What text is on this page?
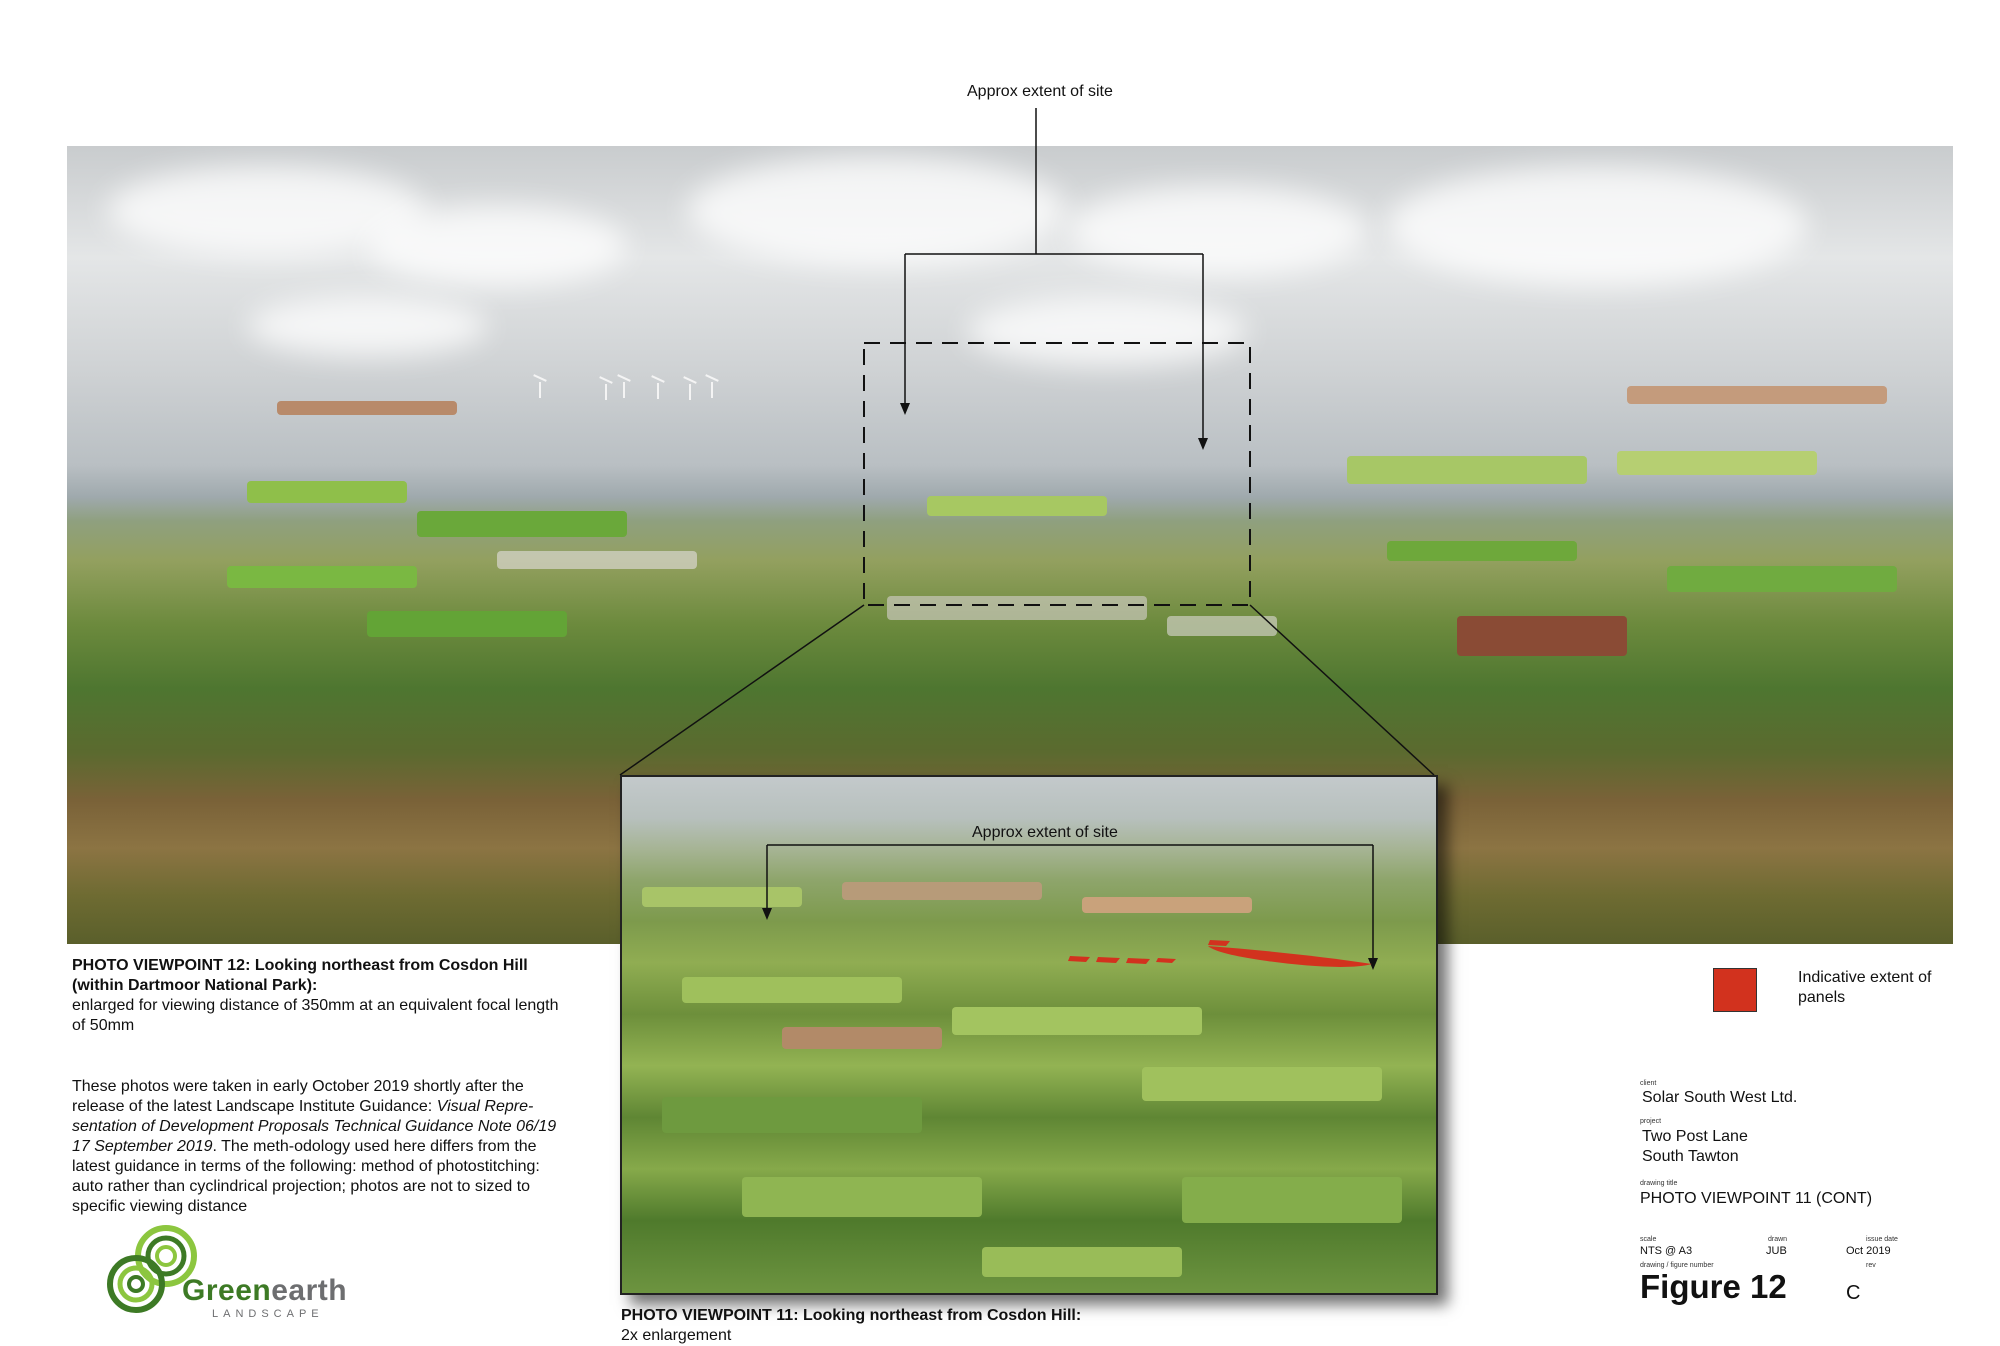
Approx extent of site
Approx extent of site
PHOTO VIEWPOINT 12: Looking northeast from Cosdon Hill (within Dartmoor National Park):
enlarged for viewing distance of 350mm at an equivalent focal length of 50mm
These photos were taken in early October 2019 shortly after the release of the latest Landscape Institute Guidance: Visual Repre-sentation of Development Proposals Technical Guidance Note 06/19 17 September 2019. The meth-odology used here differs from the latest guidance in terms of the following: method of photostitching: auto rather than cyclindrical projection; photos are not to sized to specific viewing distance
PHOTO VIEWPOINT 11: Looking northeast from Cosdon Hill:
2x enlargement
Greenearth
LANDSCAPE
Indicative extent of panels
client
Solar South West Ltd.
project
Two Post Lane
South Tawton
drawing title
PHOTO VIEWPOINT 11 (CONT)
scale
NTS @ A3
drawn
JUB
issue date
Oct 2019
drawing / figure number
Figure 12
rev
C
